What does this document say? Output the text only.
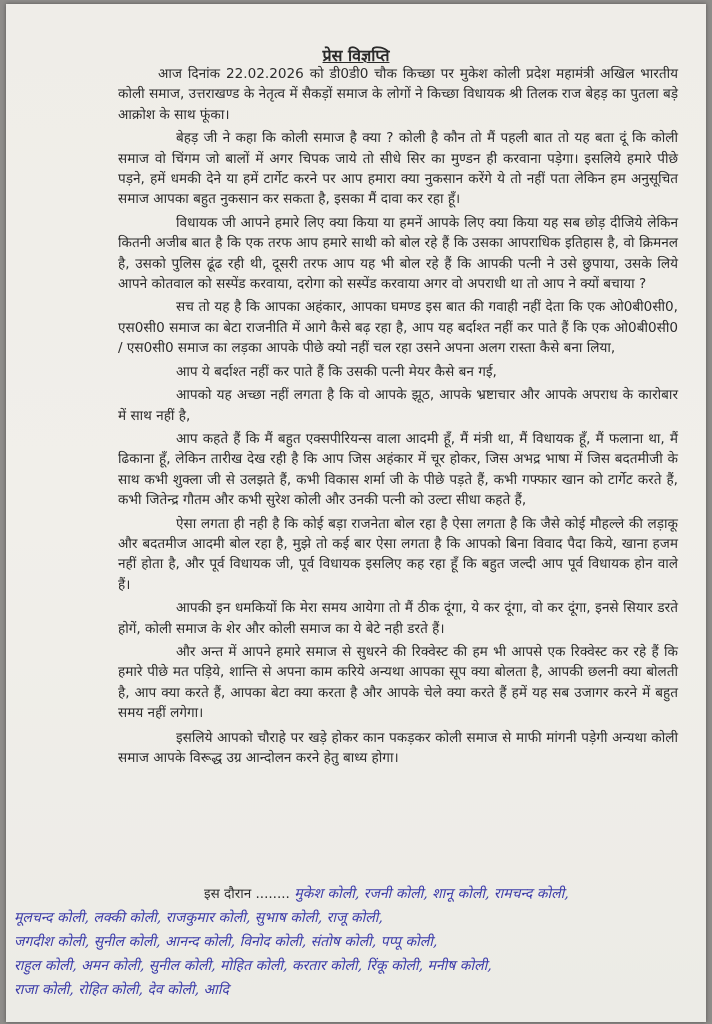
प्रेस विज्ञप्ति

आज दिनांक 22.02.2026 को डी0डी0 चौक किच्छा पर मुकेश कोली प्रदेश महामंत्री अखिल भारतीय कोली समाज, उत्तराखण्ड के नेतृत्व में सैकड़ों समाज के लोगों ने किच्छा विधायक श्री तिलक राज बेहड़ का पुतला बड़े आक्रोश के साथ फूंका।

बेहड़ जी ने कहा कि कोली समाज है क्या ? कोली है कौन तो मैं पहली बात तो यह बता दूं कि कोली समाज वो चिंगम जो बालों में अगर चिपक जाये तो सीधे सिर का मुण्डन ही करवाना पड़ेगा। इसलिये हमारे पीछे पड़ने, हमें धमकी देने या हमें टार्गेट करने पर आप हमारा क्या नुकसान करेंगे ये तो नहीं पता लेकिन हम अनुसूचित समाज आपका बहुत नुकसान कर सकता है, इसका मैं दावा कर रहा हूँ।

विधायक जी आपने हमारे लिए क्या किया या हमनें आपके लिए क्या किया यह सब छोड़ दीजिये लेकिन कितनी अजीब बात है कि एक तरफ आप हमारे साथी को बोल रहे हैं कि उसका आपराधिक इतिहास है, वो क्रिमनल है, उसको पुलिस ढूंढ रही थी, दूसरी तरफ आप यह भी बोल रहे हैं कि आपकी पत्नी ने उसे छुपाया, उसके लिये आपने कोतवाल को सस्पेंड करवाया, दरोगा को सस्पेंड करवाया अगर वो अपराधी था तो आप ने क्यों बचाया ?

सच तो यह है कि आपका अहंकार, आपका घमण्ड इस बात की गवाही नहीं देता कि एक ओ0बी0सी0, एस0सी0 समाज का बेटा राजनीति में आगे कैसे बढ़ रहा है, आप यह बर्दाश्त नहीं कर पाते हैं कि एक ओ0बी0सी0 / एस0सी0 समाज का लड़का आपके पीछे क्यो नहीं चल रहा उसने अपना अलग रास्ता कैसे बना लिया,

आप ये बर्दाश्त नहीं कर पाते हैं कि उसकी पत्नी मेयर कैसे बन गई,

आपको यह अच्छा नहीं लगता है कि वो आपके झूठ, आपके भ्रष्टाचार और आपके अपराध के कारोबार में साथ नहीं है,

आप कहते हैं कि मैं बहुत एक्सपीरियन्स वाला आदमी हूँ, मैं मंत्री था, मैं विधायक हूँ, मैं फलाना था, मैं ढिकाना हूँ, लेकिन तारीख देख रही है कि आप जिस अहंकार में चूर होकर, जिस अभद्र भाषा में जिस बदतमीजी के साथ कभी शुक्ला जी से उलझते हैं, कभी विकास शर्मा जी के पीछे पड़ते हैं, कभी गफ्फार खान को टार्गेट करते हैं, कभी जितेन्द्र गौतम और कभी सुरेश कोली और उनकी पत्नी को उल्टा सीधा कहते हैं,

ऐसा लगता ही नही है कि कोई बड़ा राजनेता बोल रहा है ऐसा लगता है कि जैसे कोई मौहल्ले की लड़ाकू और बदतमीज आदमी बोल रहा है, मुझे तो कई बार ऐसा लगता है कि आपको बिना विवाद पैदा किये, खाना हजम नहीं होता है, और पूर्व विधायक जी, पूर्व विधायक इसलिए कह रहा हूँ कि बहुत जल्दी आप पूर्व विधायक होन वाले हैं।

आपकी इन धमकियों कि मेरा समय आयेगा तो मैं ठीक दूंगा, ये कर दूंगा, वो कर दूंगा, इनसे सियार डरते होगें, कोली समाज के शेर और कोली समाज का ये बेटे नही डरते हैं।

और अन्त में आपने हमारे समाज से सुधरने की रिक्वेस्ट की हम भी आपसे एक रिक्वेस्ट कर रहे हैं कि हमारे पीछे मत पड़िये, शान्ति से अपना काम करिये अन्यथा आपका सूप क्या बोलता है, आपकी छलनी क्या बोलती है, आप क्या करते हैं, आपका बेटा क्या करता है और आपके चेले क्या करते हैं हमें यह सब उजागर करने में बहुत समय नहीं लगेगा।

इसलिये आपको चौराहे पर खड़े होकर कान पकड़कर कोली समाज से माफी मांगनी पड़ेगी अन्यथा कोली समाज आपके विरूद्ध उग्र आन्दोलन करने हेतु बाध्य होगा।

इस दौरान ........ मुकेश कोली, रजनी कोली, शानू कोली, रामचन्द कोली,
मूलचन्द कोली, लक्की कोली, राजकुमार कोली, सुभाष कोली, राजू कोली,
जगदीश कोली, सुनील कोली, आनन्द कोली, विनोद कोली, संतोष कोली, पप्पू कोली,
राहुल कोली, अमन कोली, सुनील कोली, मोहित कोली, करतार कोली, रिंकू कोली, मनीष कोली,
राजा कोली, रोहित कोली, देव कोली, आदि
